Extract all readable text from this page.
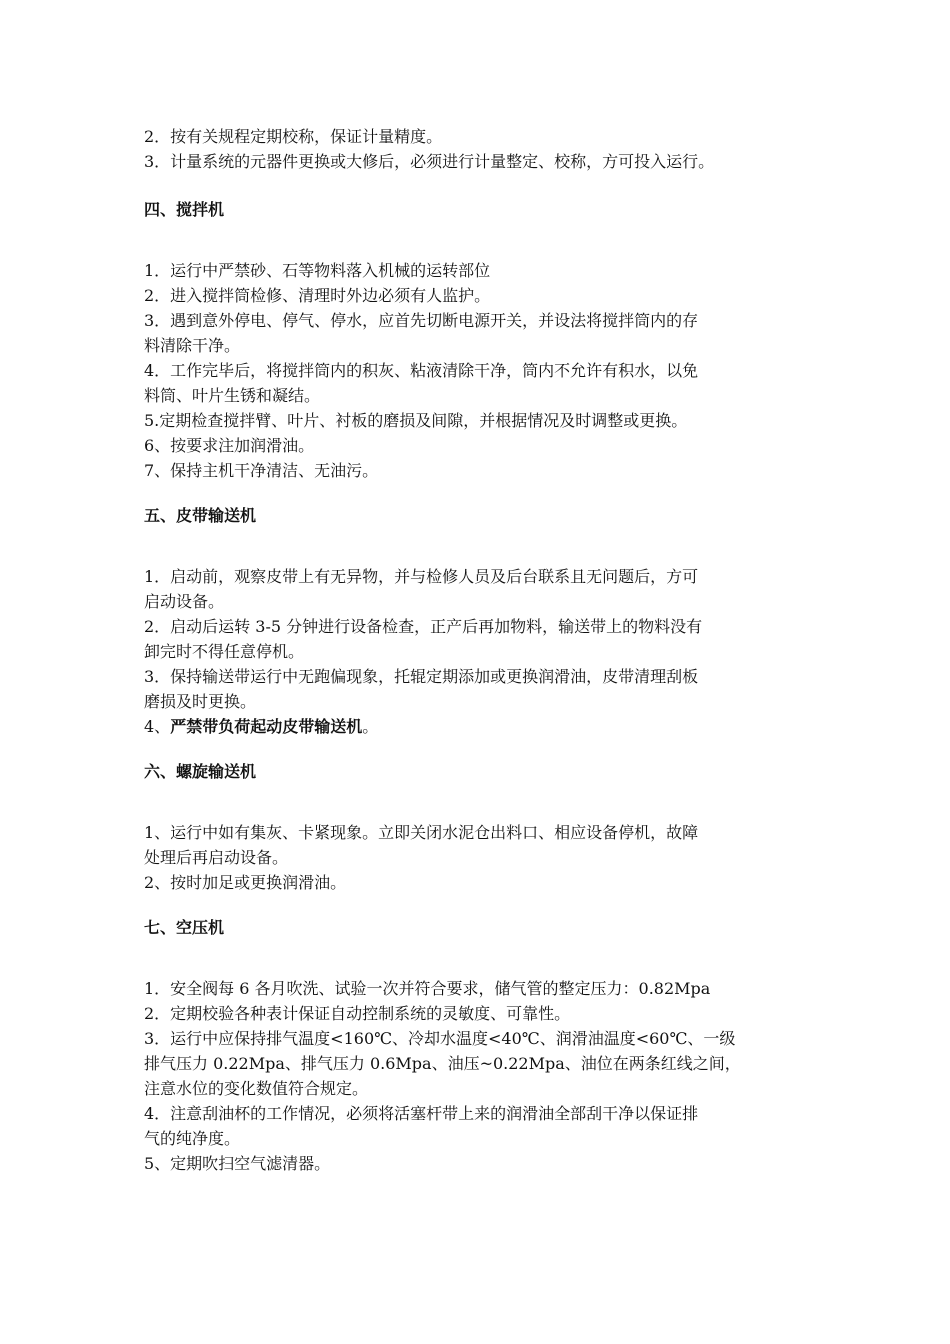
2．按有关规程定期校称，保证计量精度。
3．计量系统的元器件更换或大修后，必须进行计量整定、校称，方可投入运行。
四、搅拌机
1．运行中严禁砂、石等物料落入机械的运转部位
2．进入搅拌筒检修、清理时外边必须有人监护。
3．遇到意外停电、停气、停水，应首先切断电源开关，并设法将搅拌筒内的存
料清除干净。
4．工作完毕后，将搅拌筒内的积灰、粘液清除干净，筒内不允许有积水，以免
料筒、叶片生锈和凝结。
5.定期检查搅拌臂、叶片、衬板的磨损及间隙，并根据情况及时调整或更换。
6、按要求注加润滑油。
7、保持主机干净清洁、无油污。
五、皮带输送机
1．启动前，观察皮带上有无异物，并与检修人员及后台联系且无问题后，方可
启动设备。
2．启动后运转 3-5 分钟进行设备检查，正产后再加物料，输送带上的物料没有
卸完时不得任意停机。
3．保持输送带运行中无跑偏现象，托辊定期添加或更换润滑油，皮带清理刮板
磨损及时更换。
4、严禁带负荷起动皮带输送机。
六、螺旋输送机
1、运行中如有集灰、卡紧现象。立即关闭水泥仓出料口、相应设备停机，故障
处理后再启动设备。
2、按时加足或更换润滑油。
七、空压机
1．安全阀每 6 各月吹洗、试验一次并符合要求，储气管的整定压力：0.82Mpa
2．定期校验各种表计保证自动控制系统的灵敏度、可靠性。
3．运行中应保持排气温度<160℃、冷却水温度<40℃、润滑油温度<60℃、一级
排气压力 0.22Mpa、排气压力 0.6Mpa、油压~0.22Mpa、油位在两条红线之间，
注意水位的变化数值符合规定。
4．注意刮油杯的工作情况，必须将活塞杆带上来的润滑油全部刮干净以保证排
气的纯净度。
5、定期吹扫空气滤清器。
